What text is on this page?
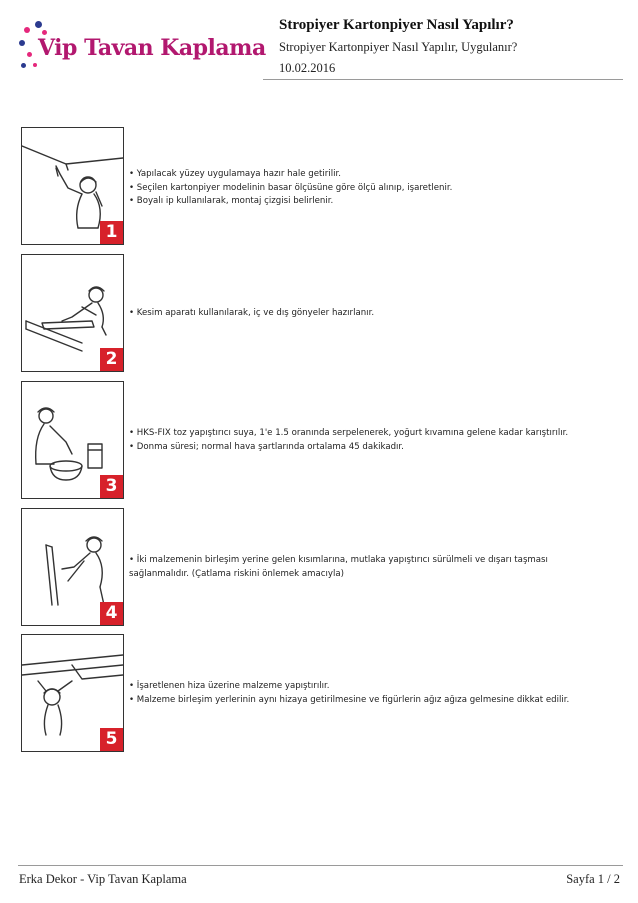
Vip Tavan Kaplama
Stropiyer Kartonpiyer Nasıl Yapılır?
Stropiyer Kartonpiyer Nasıl Yapılır, Uygulanır?
10.02.2016
1

• Yapılacak yüzey uygulamaya hazır hale getirilir.

• Seçilen kartonpiyer modelinin basar ölçüsüne göre ölçü alınıp, işaretlenir.

• Boyalı ip kullanılarak, montaj çizgisi belirlenir.

2

• Kesim aparatı kullanılarak, iç ve dış gönyeler hazırlanır.

3

• HKS-FIX toz yapıştırıcı suya, 1'e 1.5 oranında serpelenerek, yoğurt kıvamına gelene kadar karıştırılır.

• Donma süresi; normal hava şartlarında ortalama 45 dakikadır.

4

• İki malzemenin birleşim yerine gelen kısımlarına, mutlaka yapıştırıcı sürülmeli ve dışarı taşması

sağlanmalıdır. (Çatlama riskini önlemek amacıyla)

5

• İşaretlenen hiza üzerine malzeme yapıştırılır.

• Malzeme birleşim yerlerinin aynı hizaya getirilmesine ve figürlerin ağız ağıza gelmesine dikkat edilir.

Erka Dekor - Vip Tavan Kaplama	Sayfa 1 / 2
